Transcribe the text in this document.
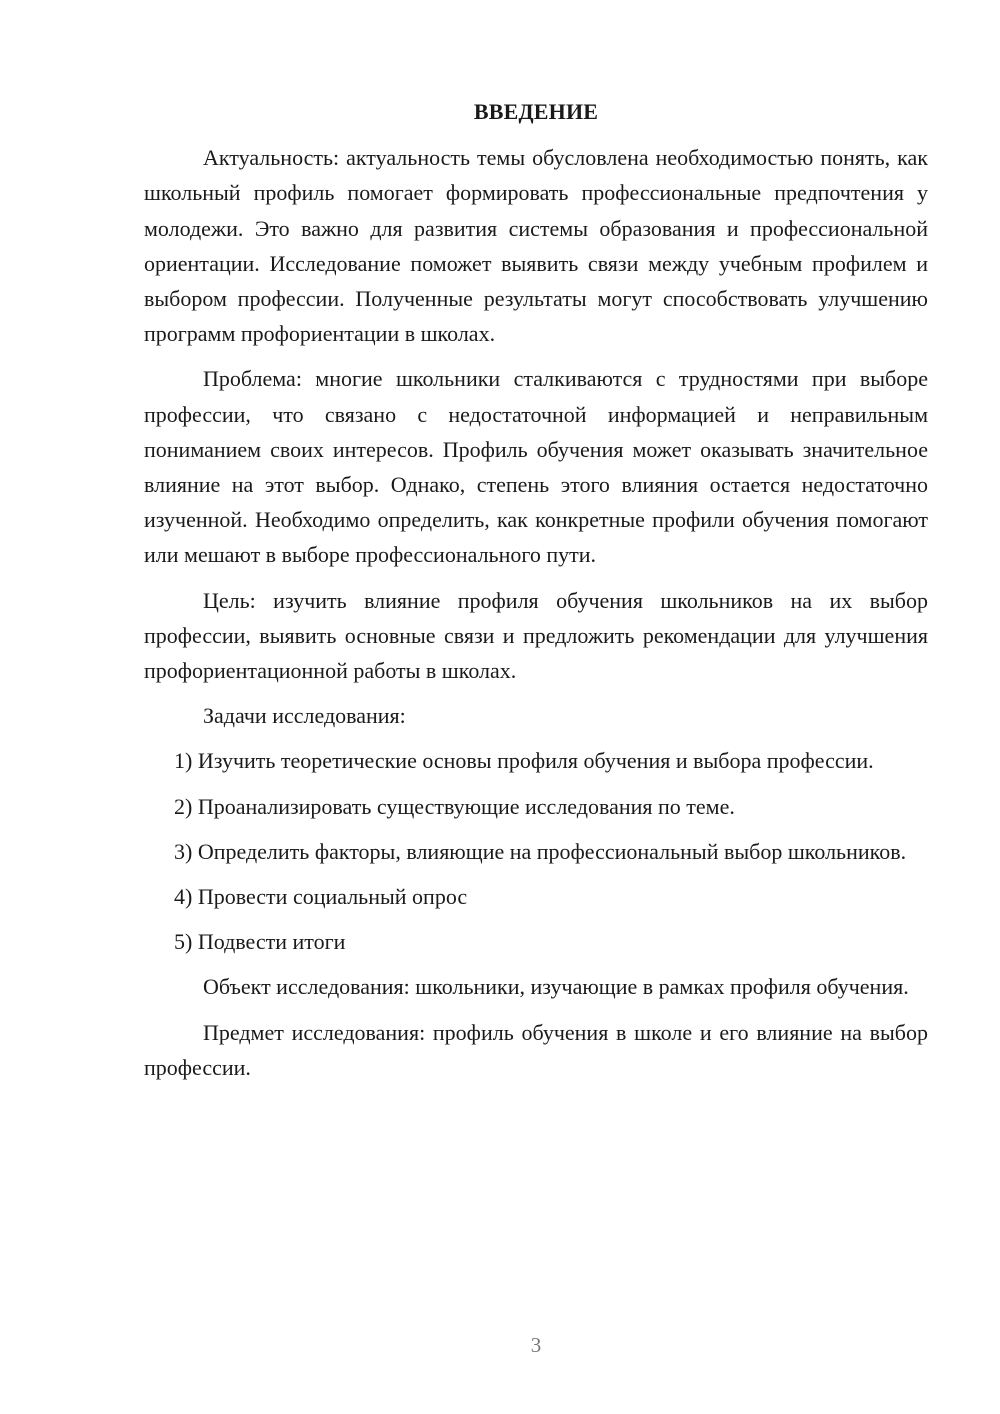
ВВЕДЕНИЕ

Актуальность: актуальность темы обусловлена необходимостью понять, как школьный профиль помогает формировать профессиональные предпочтения у молодежи. Это важно для развития системы образования и профессиональной ориентации. Исследование поможет выявить связи между учебным профилем и выбором профессии. Полученные результаты могут способствовать улучшению программ профориентации в школах.

Проблема: многие школьники сталкиваются с трудностями при выборе профессии, что связано с недостаточной информацией и неправильным пониманием своих интересов. Профиль обучения может оказывать значительное влияние на этот выбор. Однако, степень этого влияния остается недостаточно изученной. Необходимо определить, как конкретные профили обучения помогают или мешают в выборе профессионального пути.

Цель: изучить влияние профиля обучения школьников на их выбор профессии, выявить основные связи и предложить рекомендации для улучшения профориентационной работы в школах.

Задачи исследования:

1) Изучить теоретические основы профиля обучения и выбора профессии.

2) Проанализировать существующие исследования по теме.

3) Определить факторы, влияющие на профессиональный выбор школьников.

4) Провести социальный опрос

5) Подвести итоги

Объект исследования: школьники, изучающие в рамках профиля обучения.

Предмет исследования: профиль обучения в школе и его влияние на выбор профессии.

3
